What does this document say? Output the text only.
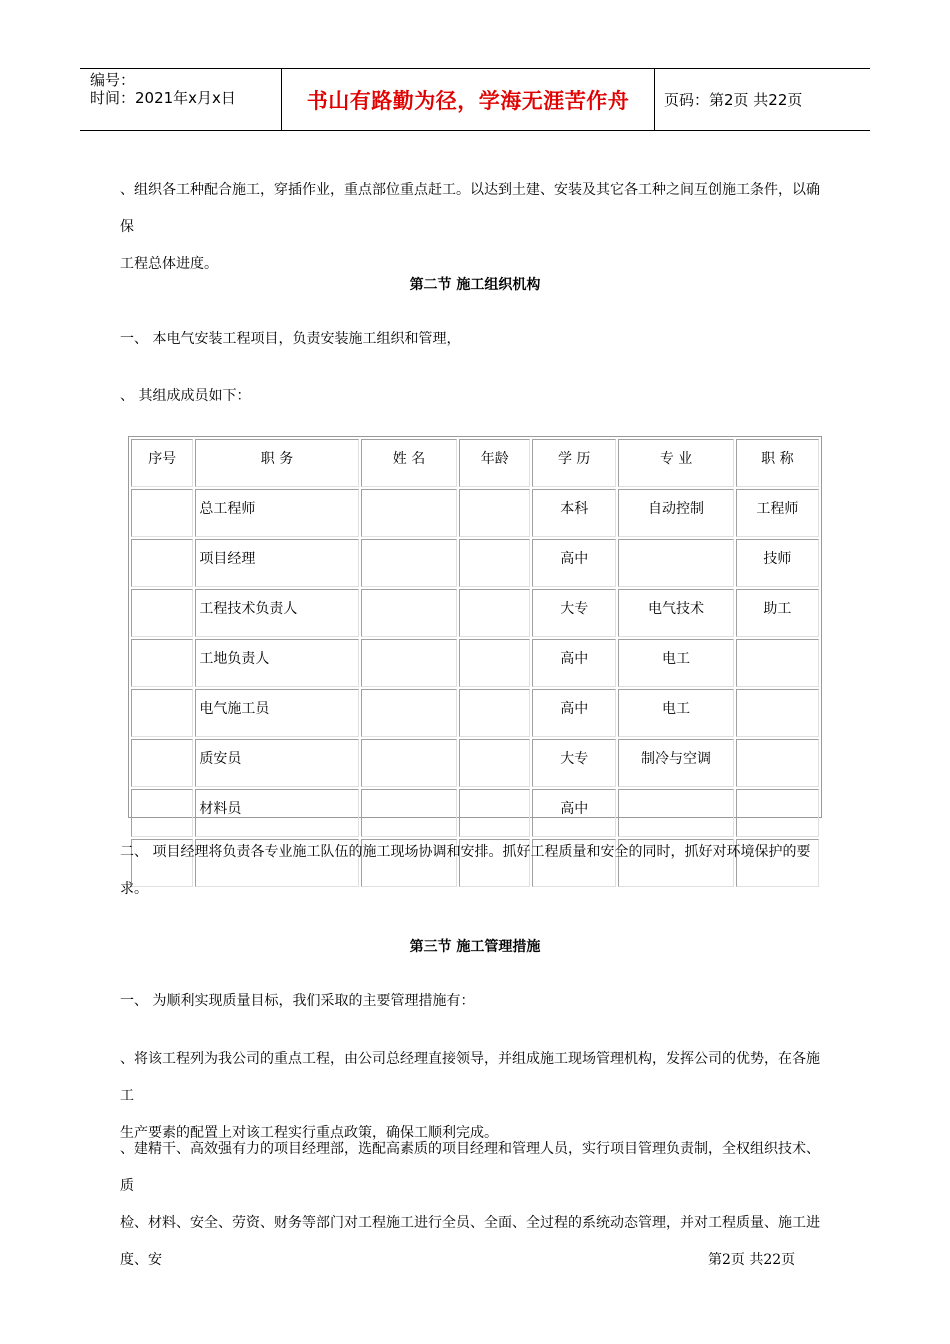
编号：
时间：2021年x月x日	书山有路勤为径，学海无涯苦作舟	页码：第2页 共22页
、组织各工种配合施工，穿插作业，重点部位重点赶工。以达到土建、安装及其它各工种之间互创施工条件，以确保
工程总体进度。
第二节 施工组织机构
一、 本电气安装工程项目，负责安装施工组织和管理，
、 其组成成员如下：
序号	职 务	姓 名	年龄	学 历	专 业	职 称
	总工程师			本科	自动控制	工程师
	项目经理			高中		技师
	工程技术负责人			大专	电气技术	助工
	工地负责人			高中	电工	
	电气施工员			高中	电工	
	质安员			大专	制冷与空调	
	材料员			高中		

二、 项目经理将负责各专业施工队伍的施工现场协调和安排。抓好工程质量和安全的同时，抓好对环境保护的要
求。
第三节 施工管理措施
一、 为顺利实现质量目标，我们采取的主要管理措施有：
、将该工程列为我公司的重点工程，由公司总经理直接领导，并组成施工现场管理机构，发挥公司的优势，在各施工
生产要素的配置上对该工程实行重点政策，确保工顺利完成。
、建精干、高效强有力的项目经理部，选配高素质的项目经理和管理人员，实行项目管理负责制，全权组织技术、质
检、材料、安全、劳资、财务等部门对工程施工进行全员、全面、全过程的系统动态管理，并对工程质量、施工进度、安	第2页 共22页
